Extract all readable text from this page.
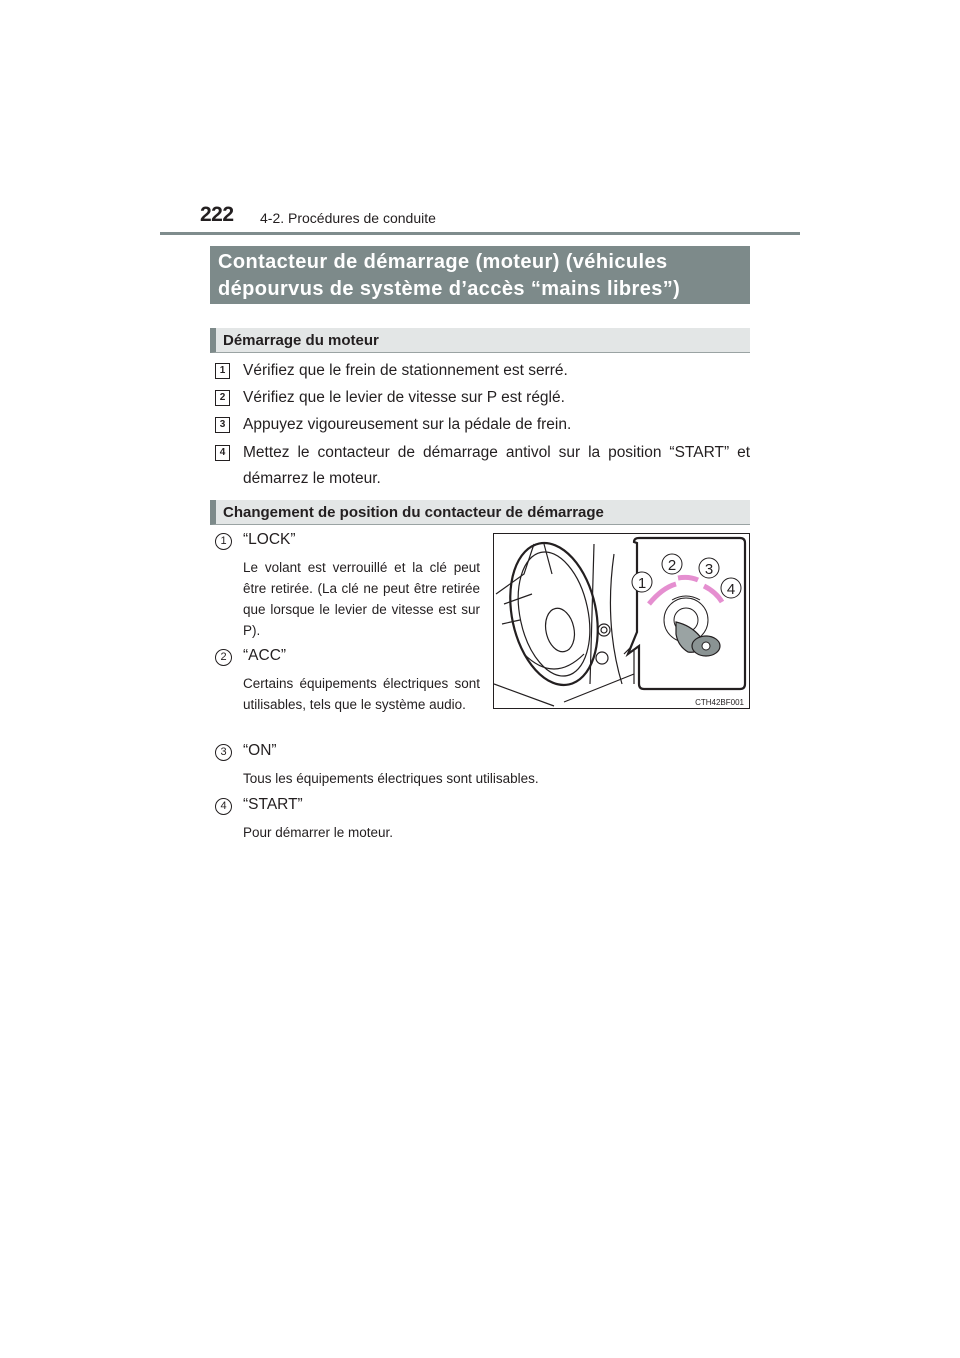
222 4-2. Procédures de conduite
Contacteur de démarrage (moteur) (véhicules
dépourvus de système d’accès “mains libres”)
Démarrage du moteur
1	Vérifiez que le frein de stationnement est serré.
2	Vérifiez que le levier de vitesse sur P est réglé.
3	Appuyez vigoureusement sur la pédale de frein.
4	Mettez le contacteur de démarrage antivol sur la position “START” et démarrez le moteur.
Changement de position du contacteur de démarrage
1	“LOCK”
Le volant est verrouillé et la clé peut être retirée. (La clé ne peut être retirée que lorsque le levier de vitesse est sur P).
2	“ACC”
Certains équipements électriques sont utilisables, tels que le système audio.
3	“ON”
Tous les équipements électriques sont utilisables.
4	“START”
Pour démarrer le moteur.
1
2 3
4
CTH42BF001
